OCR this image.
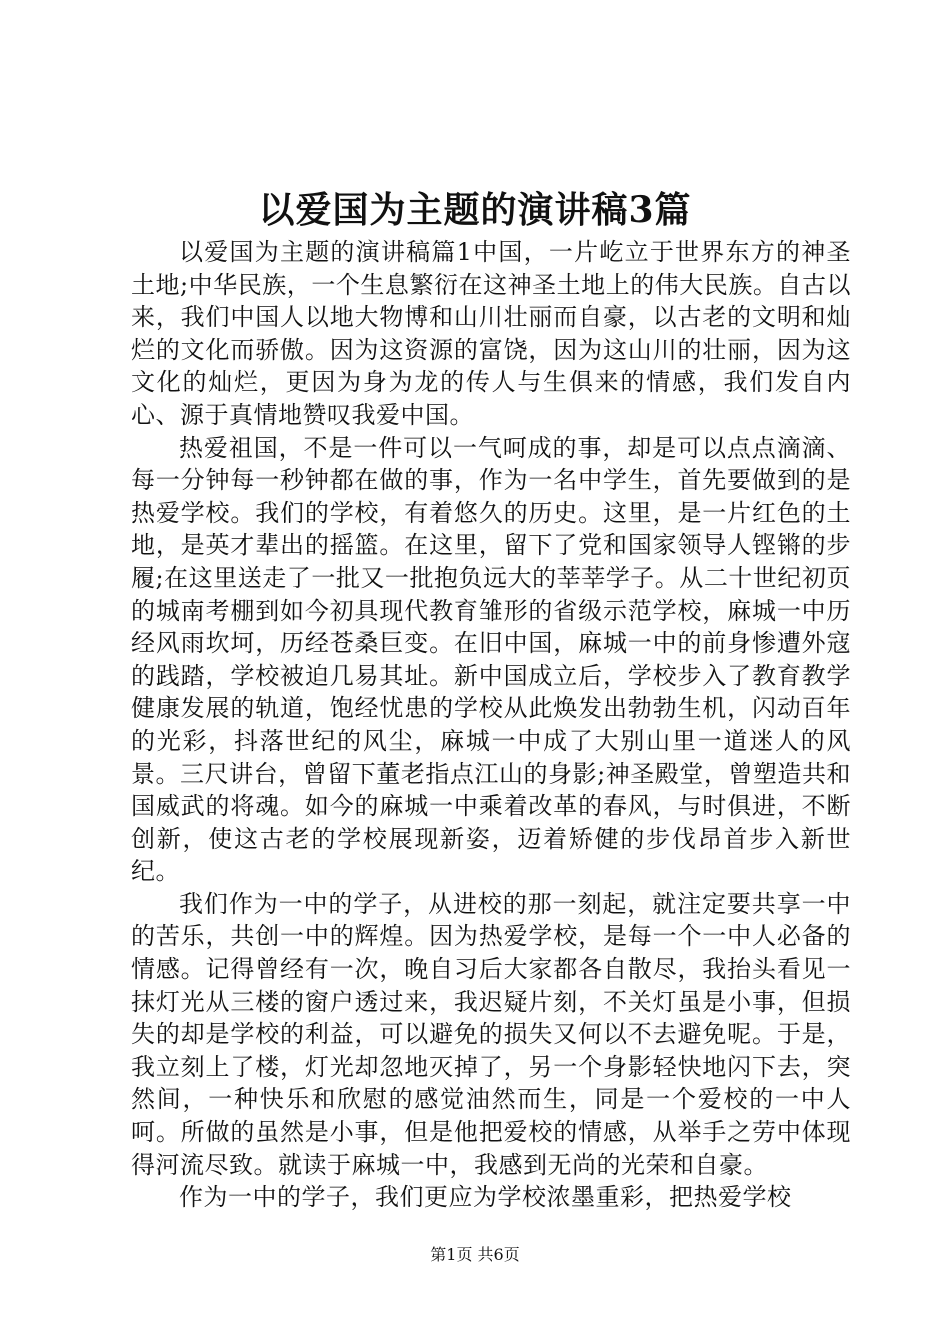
以爱国为主题的演讲稿3篇

以爱国为主题的演讲稿篇1中国，一片屹立于世界东方的神圣土地;中华民族，一个生息繁衍在这神圣土地上的伟大民族。自古以来，我们中国人以地大物博和山川壮丽而自豪，以古老的文明和灿烂的文化而骄傲。因为这资源的富饶，因为这山川的壮丽，因为这文化的灿烂，更因为身为龙的传人与生俱来的情感，我们发自内心、源于真情地赞叹我爱中国。

热爱祖国，不是一件可以一气呵成的事，却是可以点点滴滴、每一分钟每一秒钟都在做的事，作为一名中学生，首先要做到的是热爱学校。我们的学校，有着悠久的历史。这里，是一片红色的土地，是英才辈出的摇篮。在这里，留下了党和国家领导人铿锵的步履;在这里送走了一批又一批抱负远大的莘莘学子。从二十世纪初页的城南考棚到如今初具现代教育雏形的省级示范学校，麻城一中历经风雨坎坷，历经苍桑巨变。在旧中国，麻城一中的前身惨遭外寇的践踏，学校被迫几易其址。新中国成立后，学校步入了教育教学健康发展的轨道，饱经忧患的学校从此焕发出勃勃生机，闪动百年的光彩，抖落世纪的风尘，麻城一中成了大别山里一道迷人的风景。三尺讲台，曾留下董老指点江山的身影;神圣殿堂，曾塑造共和国威武的将魂。如今的麻城一中乘着改革的春风，与时俱进，不断创新，使这古老的学校展现新姿，迈着矫健的步伐昂首步入新世纪。

我们作为一中的学子，从进校的那一刻起，就注定要共享一中的苦乐，共创一中的辉煌。因为热爱学校，是每一个一中人必备的情感。记得曾经有一次，晚自习后大家都各自散尽，我抬头看见一抹灯光从三楼的窗户透过来，我迟疑片刻，不关灯虽是小事，但损失的却是学校的利益，可以避免的损失又何以不去避免呢。于是，我立刻上了楼，灯光却忽地灭掉了，另一个身影轻快地闪下去，突然间，一种快乐和欣慰的感觉油然而生，同是一个爱校的一中人呵。所做的虽然是小事，但是他把爱校的情感，从举手之劳中体现得河流尽致。就读于麻城一中，我感到无尚的光荣和自豪。

作为一中的学子，我们更应为学校浓墨重彩，把热爱学校

第1页 共6页
